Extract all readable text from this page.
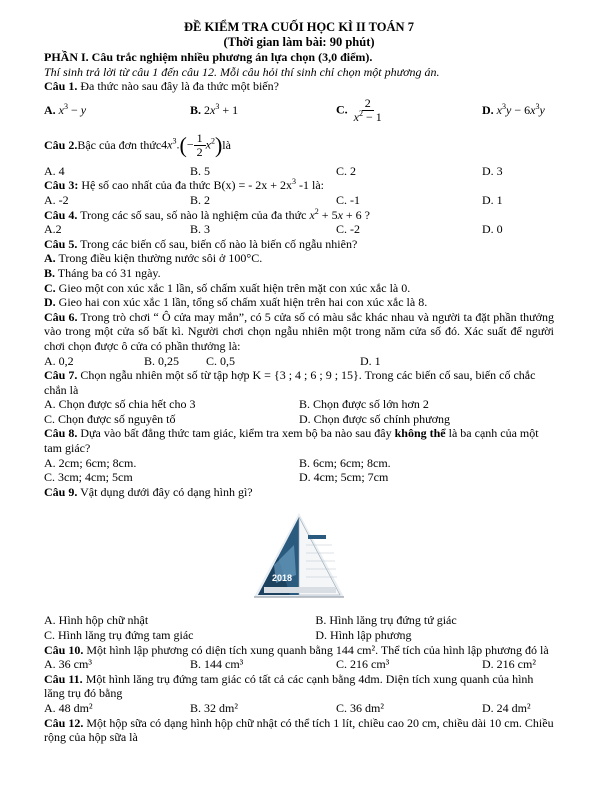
ĐỀ KIỂM TRA CUỐI HỌC KÌ II TOÁN 7
(Thời gian làm bài: 90 phút)
PHẦN I. Câu trắc nghiệm nhiều phương án lựa chọn (3,0 điểm).
Thí sinh trả lời từ câu 1 đến câu 12. Mỗi câu hỏi thí sinh chỉ chọn một phương án.
Câu 1. Đa thức nào sau đây là đa thức một biến?
A. $x^3 - y$	B. $2x^3 + 1$	C. $\frac{2}{x^2 - 1}$	D. $x^3y - 6x^3y$
Câu 2. Bậc của đơn thức $4x^3.(- \frac{1}{2} x^2)$ là
A. 4	B. 5	C. 2	D. 3
Câu 3: Hệ số cao nhất của đa thức B(x) = - $2x + 2x^3$ -1 là:
A. -2	B. 2	C. -1	D. 1
Câu 4. Trong các số sau, số nào là nghiệm của đa thức $x^2 + 5x + 6$ ?
A.2	B. 3	C. -2	D. 0
Câu 5. Trong các biến cố sau, biến cố nào là biến cố ngẫu nhiên?
A. Trong điều kiện thường nước sôi ở 100°C.
B. Tháng ba có 31 ngày.
C. Gieo một con xúc xắc 1 lần, số chấm xuất hiện trên mặt con xúc xắc là 0.
D. Gieo hai con xúc xắc 1 lần, tổng số chấm xuất hiện trên hai con xúc xắc là 8.
Câu 6. Trong trò chơi “ Ô cửa may mắn”, có 5 cửa số có màu sắc khác nhau và người ta đặt phần thưởng vào trong một cửa số bất kì. Người chơi chọn ngẫu nhiên một trong năm cửa số đó. Xác suất để người chơi chọn được ô cửa có phần thưởng là:
A. 0,2	B. 0,25	C. 0,5	D. 1
Câu 7. Chọn ngẫu nhiên một số từ tập hợp K = {3 ; 4 ; 6 ; 9 ; 15}. Trong các biến cố sau, biến cố chắc chắn là
A. Chọn được số chia hết cho 3	B. Chọn được số lớn hơn 2
C. Chọn được số nguyên tố	D. Chọn được số chính phương
Câu 8. Dựa vào bất đẳng thức tam giác, kiểm tra xem bộ ba nào sau đây không thể là ba cạnh của một tam giác?
A. 2cm; 6cm; 8cm.	B. 6cm; 6cm; 8cm.
C. 3cm; 4cm; 5cm	D. 4cm; 5cm; 7cm
Câu 9. Vật dụng dưới đây có dạng hình gì?
2018
A. Hình hộp chữ nhật	B. Hình lăng trụ đứng tứ giác
C. Hình lăng trụ đứng tam giác	D. Hình lập phương
Câu 10. Một hình lập phương có diện tích xung quanh bằng 144 cm². Thể tích của hình lập phương đó là
A. 36 cm³	B. 144 cm³	C. 216 cm³	D. 216 cm²
Câu 11. Một hình lăng trụ đứng tam giác có tất cả các cạnh bằng 4dm. Diện tích xung quanh của hình lăng trụ đó bằng
A. 48 dm²	B. 32 dm²	C. 36 dm²	D. 24 dm²
Câu 12. Một hộp sữa có dạng hình hộp chữ nhật có thể tích 1 lít, chiều cao 20 cm, chiều dài 10 cm. Chiều rộng của hộp sữa là
